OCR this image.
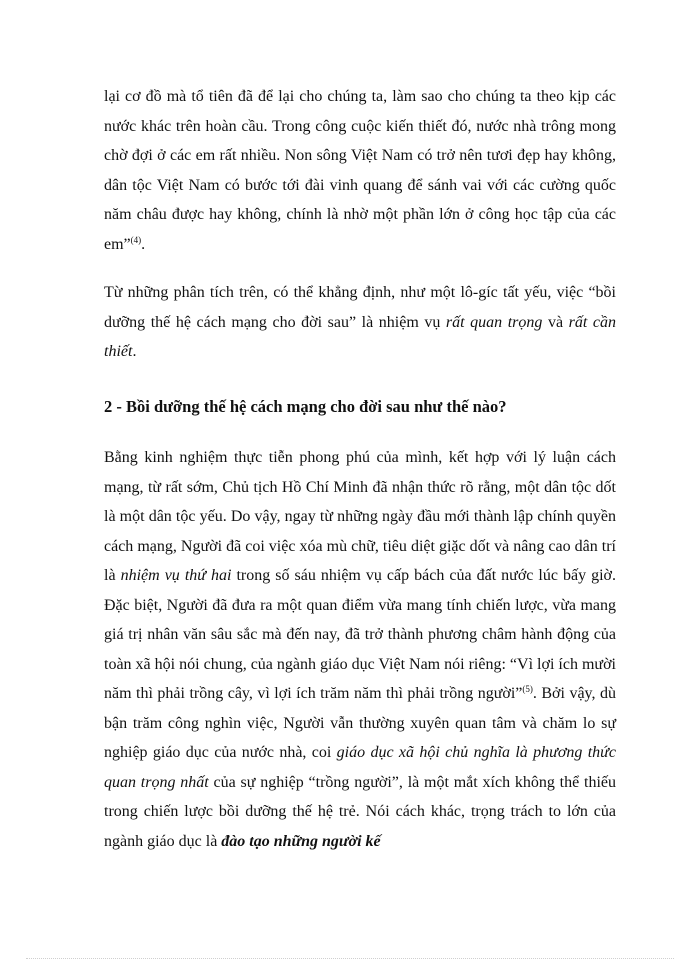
lại cơ đồ mà tổ tiên đã để lại cho chúng ta, làm sao cho chúng ta theo kịp các nước khác trên hoàn cầu. Trong công cuộc kiến thiết đó, nước nhà trông mong chờ đợi ở các em rất nhiều. Non sông Việt Nam có trở nên tươi đẹp hay không, dân tộc Việt Nam có bước tới đài vinh quang để sánh vai với các cường quốc năm châu được hay không, chính là nhờ một phần lớn ở công học tập của các em”$^{(4)}$.

Từ những phân tích trên, có thể khẳng định, như một lô-gíc tất yếu, việc “bồi dưỡng thế hệ cách mạng cho đời sau” là nhiệm vụ rất quan trọng và rất cần thiết.

2 - Bồi dưỡng thế hệ cách mạng cho đời sau như thế nào?

Bằng kinh nghiệm thực tiễn phong phú của mình, kết hợp với lý luận cách mạng, từ rất sớm, Chủ tịch Hồ Chí Minh đã nhận thức rõ rằng, một dân tộc dốt là một dân tộc yếu. Do vậy, ngay từ những ngày đầu mới thành lập chính quyền cách mạng, Người đã coi việc xóa mù chữ, tiêu diệt giặc dốt và nâng cao dân trí là nhiệm vụ thứ hai trong số sáu nhiệm vụ cấp bách của đất nước lúc bấy giờ. Đặc biệt, Người đã đưa ra một quan điểm vừa mang tính chiến lược, vừa mang giá trị nhân văn sâu sắc mà đến nay, đã trở thành phương châm hành động của toàn xã hội nói chung, của ngành giáo dục Việt Nam nói riêng: “Vì lợi ích mười năm thì phải trồng cây, vì lợi ích trăm năm thì phải trồng người”$^{(5)}$. Bởi vậy, dù bận trăm công nghìn việc, Người vẫn thường xuyên quan tâm và chăm lo sự nghiệp giáo dục của nước nhà, coi giáo dục xã hội chủ nghĩa là phương thức quan trọng nhất của sự nghiệp “trồng người”, là một mắt xích không thể thiếu trong chiến lược bồi dưỡng thế hệ trẻ. Nói cách khác, trọng trách to lớn của ngành giáo dục là đào tạo những người kế
